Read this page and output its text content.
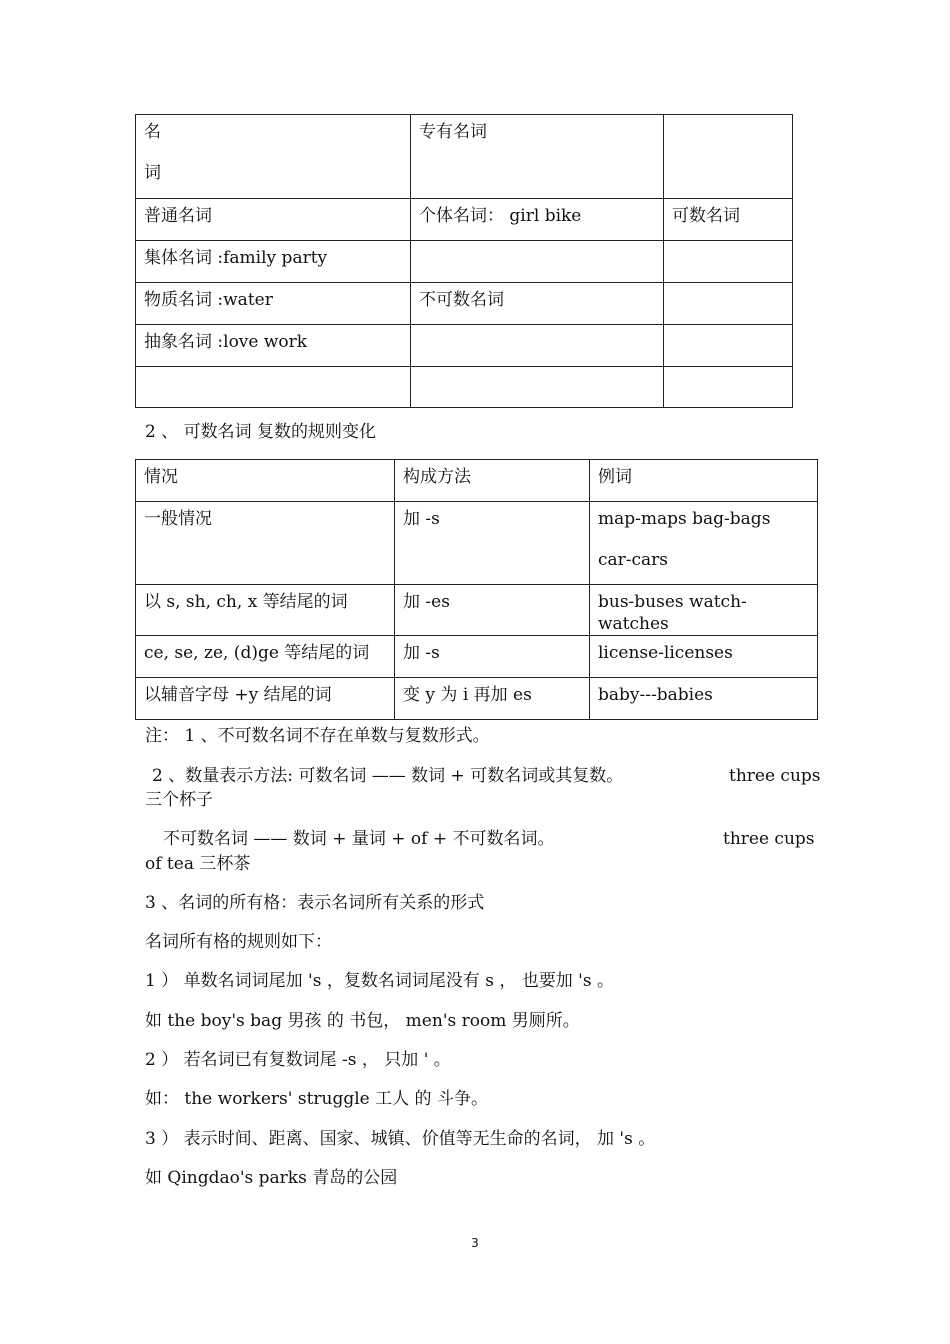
名
词	专有名词	
普通名词	个体名词： girl bike	可数名词
集体名词 :family party		
物质名词 :water	不可数名词	
抽象名词 :love work		

2 、 可数名词 复数的规则变化
情况	构成方法	例词
一般情况	加 -s	map-maps bag-bags
car-cars

以 s, sh, ch, x 等结尾的词	加 -es	bus-buses watch-watches
ce, se, ze, (d)ge 等结尾的词	加 -s	license-licenses
以辅音字母 +y 结尾的词	变 y 为 i 再加 es	baby---babies
注： 1 、不可数名词不存在单数与复数形式。
2 、数量表示方法: 可数名词 —— 数词 + 可数名词或其复数。	three cups
三个杯子
不可数名词 —— 数词 + 量词 + of + 不可数名词。	three cups
of tea 三杯茶
3 、名词的所有格：表示名词所有关系的形式
名词所有格的规则如下：
1 ） 单数名词词尾加 's ，复数名词词尾没有 s ， 也要加 's 。
如 the boy's bag 男孩 的 书包， men's room 男厕所。
2 ） 若名词已有复数词尾 -s ， 只加 ' 。
如： the workers' struggle 工人 的 斗争。
3 ） 表示时间、距离、国家、城镇、价值等无生命的名词， 加 's 。
如 Qingdao's parks 青岛的公园
3
